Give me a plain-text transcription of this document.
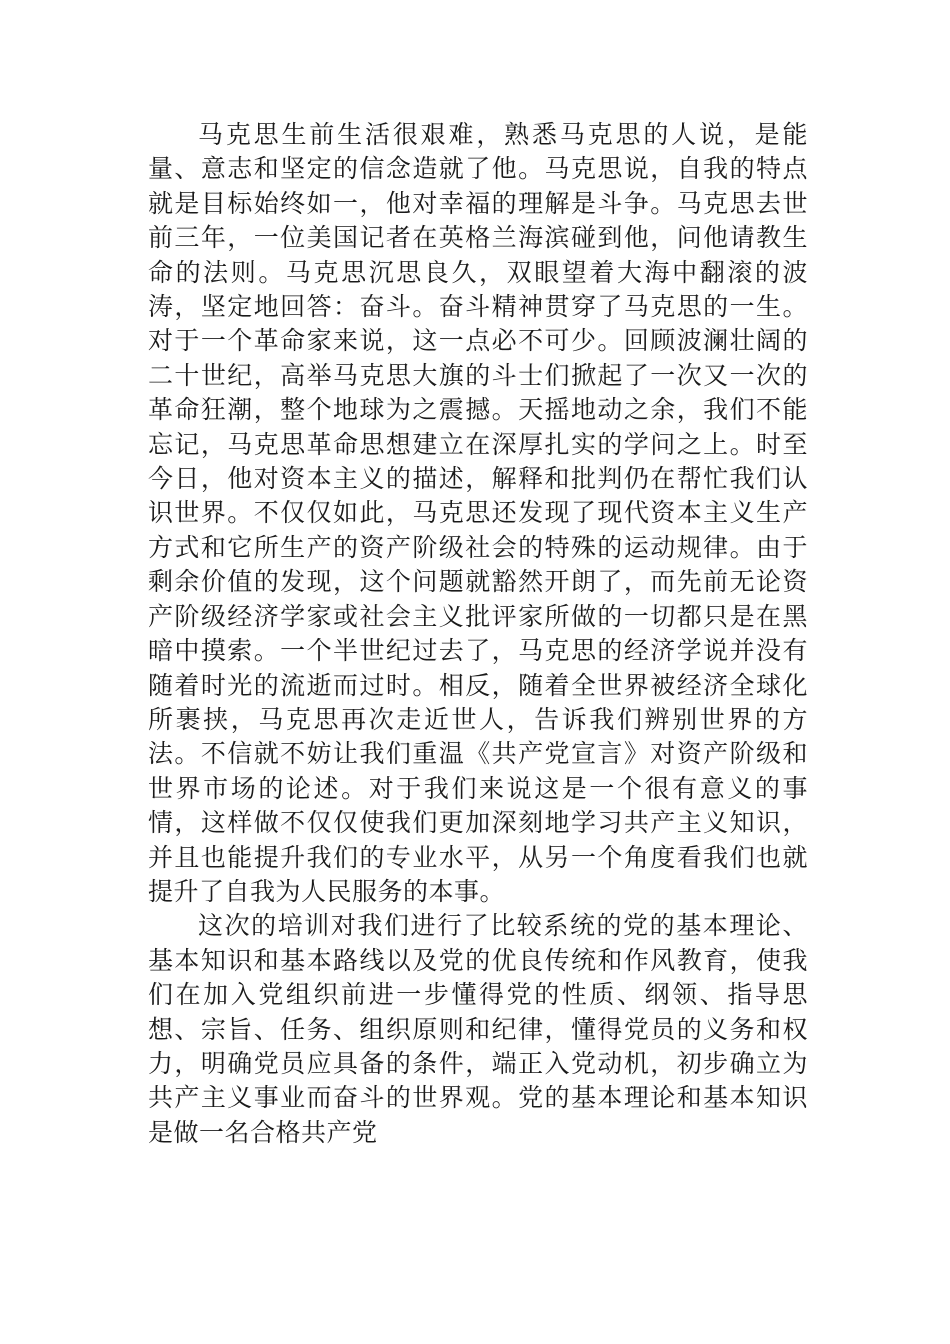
马克思生前生活很艰难，熟悉马克思的人说，是能量、意志和坚定的信念造就了他。马克思说，自我的特点就是目标始终如一，他对幸福的理解是斗争。马克思去世前三年，一位美国记者在英格兰海滨碰到他，问他请教生命的法则。马克思沉思良久，双眼望着大海中翻滚的波涛，坚定地回答：奋斗。奋斗精神贯穿了马克思的一生。对于一个革命家来说，这一点必不可少。回顾波澜壮阔的二十世纪，高举马克思大旗的斗士们掀起了一次又一次的革命狂潮，整个地球为之震撼。天摇地动之余，我们不能忘记，马克思革命思想建立在深厚扎实的学问之上。时至今日，他对资本主义的描述，解释和批判仍在帮忙我们认识世界。不仅仅如此，马克思还发现了现代资本主义生产方式和它所生产的资产阶级社会的特殊的运动规律。由于剩余价值的发现，这个问题就豁然开朗了，而先前无论资产阶级经济学家或社会主义批评家所做的一切都只是在黑暗中摸索。一个半世纪过去了，马克思的经济学说并没有随着时光的流逝而过时。相反，随着全世界被经济全球化所裹挟，马克思再次走近世人，告诉我们辨别世界的方法。不信就不妨让我们重温《共产党宣言》对资产阶级和世界市场的论述。对于我们来说这是一个很有意义的事情，这样做不仅仅使我们更加深刻地学习共产主义知识，并且也能提升我们的专业水平，从另一个角度看我们也就提升了自我为人民服务的本事。

这次的培训对我们进行了比较系统的党的基本理论、基本知识和基本路线以及党的优良传统和作风教育，使我们在加入党组织前进一步懂得党的性质、纲领、指导思想、宗旨、任务、组织原则和纪律，懂得党员的义务和权力，明确党员应具备的条件，端正入党动机，初步确立为共产主义事业而奋斗的世界观。党的基本理论和基本知识是做一名合格共产党
